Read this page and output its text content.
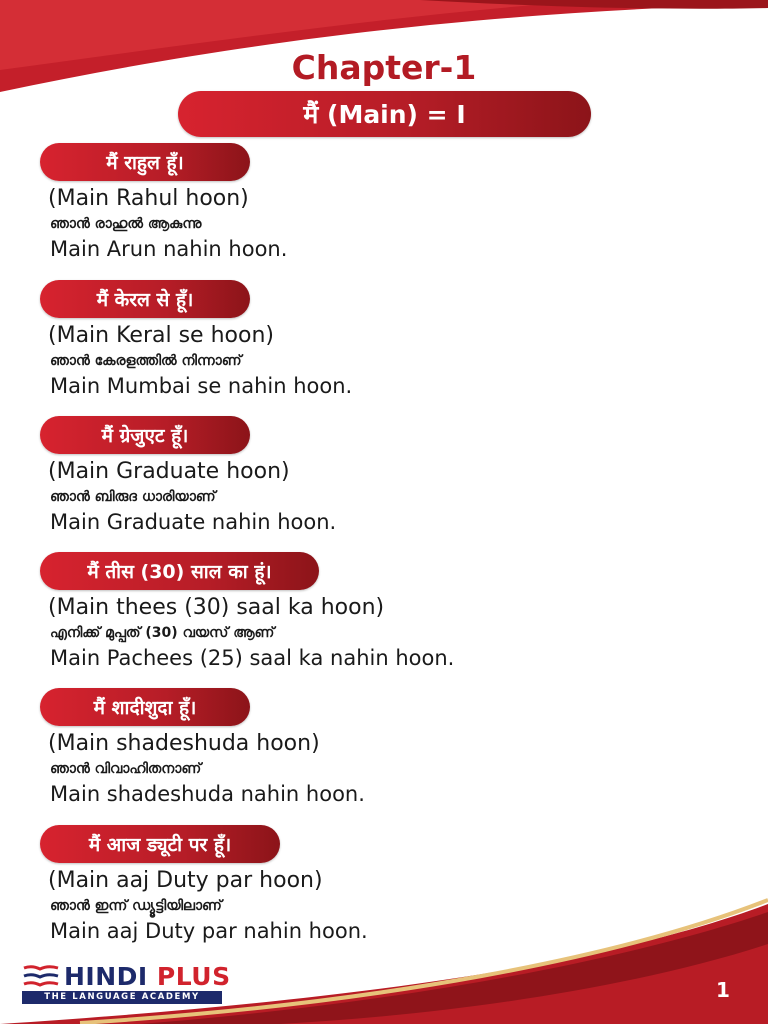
Chapter-1
मैं (Main) = I
मैं राहुल हूँ।
(Main Rahul hoon)
ഞാൻ രാഹുൽ ആകുന്നു
Main Arun nahin hoon.
मैं केरल से हूँ।
(Main Keral se hoon)
ഞാൻ കേരളത്തിൽ നിന്നാണ്
Main Mumbai se nahin hoon.
मैं ग्रेजुएट हूँ।
(Main Graduate hoon)
ഞാൻ ബിരുദ ധാരിയാണ്
Main Graduate nahin hoon.
मैं तीस (30) साल का हूं।
(Main thees (30) saal ka hoon)
എനിക്ക് മുപ്പത് (30) വയസ് ആണ്
Main Pachees (25) saal ka nahin hoon.
मैं शादीशुदा हूँ।
(Main shadeshuda hoon)
ഞാൻ വിവാഹിതനാണ്
Main shadeshuda nahin hoon.
मैं आज ड्यूटी पर हूँ।
(Main aaj Duty par hoon)
ഞാൻ ഇന്ന് ഡ്യൂട്ടിയിലാണ്
Main aaj Duty par nahin hoon.
HINDI PLUS
THE LANGUAGE ACADEMY	1
